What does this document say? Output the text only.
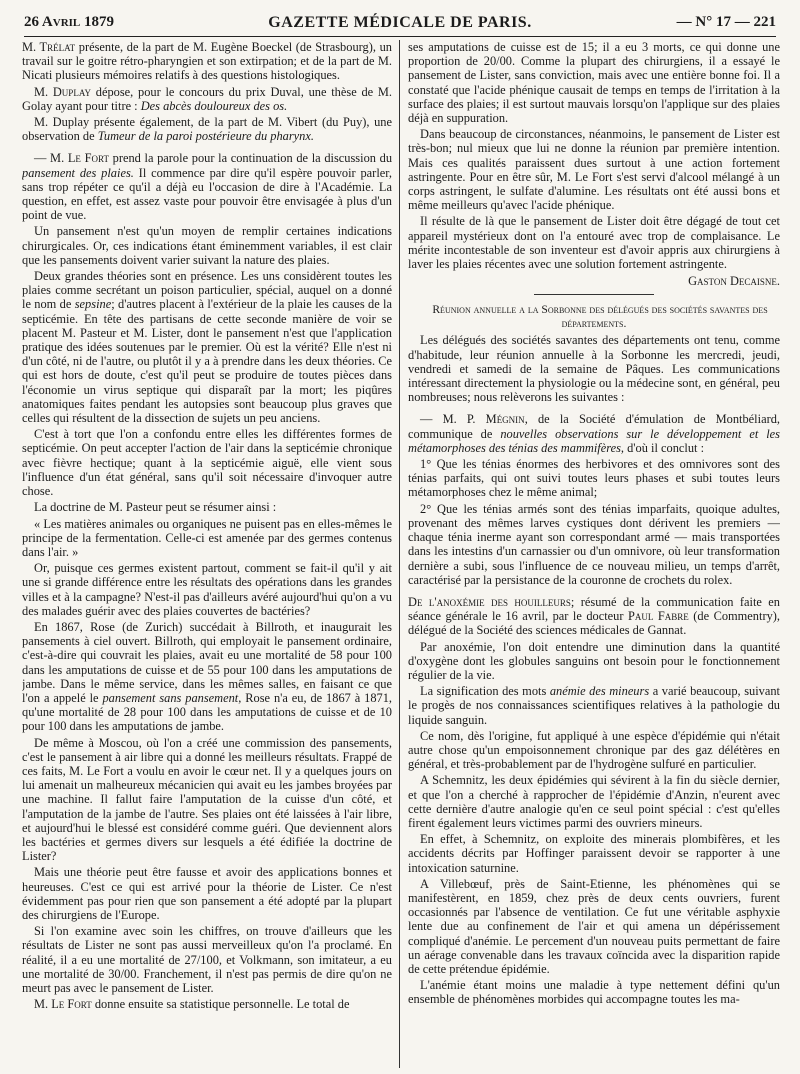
26 Avril 1879	GAZETTE MÉDICALE DE PARIS.	— N° 17 — 221

M. Trélat présente, de la part de M. Eugène Boeckel (de Strasbourg), un travail sur le goitre rétro-pharyngien et son extirpation; et de la part de M. Nicati plusieurs mémoires relatifs à des questions histologiques.

M. Duplay dépose, pour le concours du prix Duval, une thèse de M. Golay ayant pour titre : Des abcès douloureux des os.

M. Duplay présente également, de la part de M. Vibert (du Puy), une observation de Tumeur de la paroi postérieure du pharynx.

— M. Le Fort prend la parole pour la continuation de la discussion du pansement des plaies. Il commence par dire qu'il espère pouvoir parler, sans trop répéter ce qu'il a déjà eu l'occasion de dire à l'Académie. La question, en effet, est assez vaste pour pouvoir être envisagée à plus d'un point de vue.

Un pansement n'est qu'un moyen de remplir certaines indications chirurgicales. Or, ces indications étant éminemment variables, il est clair que les pansements doivent varier suivant la nature des plaies.

Deux grandes théories sont en présence. Les uns considèrent toutes les plaies comme secrétant un poison particulier, spécial, auquel on a donné le nom de sepsine; d'autres placent à l'extérieur de la plaie les causes de la septicémie. En tête des partisans de cette seconde manière de voir se placent M. Pasteur et M. Lister, dont le pansement n'est que l'application pratique des idées soutenues par le premier. Où est la vérité? Elle n'est ni d'un côté, ni de l'autre, ou plutôt il y a à prendre dans les deux théories. Ce qui est hors de doute, c'est qu'il peut se produire de toutes pièces dans l'économie un virus septique qui disparaît par la mort; les piqûres anatomiques faites pendant les autopsies sont beaucoup plus graves que celles qui résultent de la dissection de sujets un peu anciens.

C'est à tort que l'on a confondu entre elles les différentes formes de septicémie. On peut accepter l'action de l'air dans la septicémie chronique avec fièvre hectique; quant à la septicémie aiguë, elle vient sous l'influence d'un état général, sans qu'il soit nécessaire d'invoquer autre chose.

La doctrine de M. Pasteur peut se résumer ainsi :

« Les matières animales ou organiques ne puisent pas en elles-mêmes le principe de la fermentation. Celle-ci est amenée par des germes contenus dans l'air. »

Or, puisque ces germes existent partout, comment se fait-il qu'il y ait une si grande différence entre les résultats des opérations dans les grandes villes et à la campagne? N'est-il pas d'ailleurs avéré aujourd'hui qu'on a vu des malades guérir avec des plaies couvertes de bactéries?

En 1867, Rose (de Zurich) succédait à Billroth, et inaugurait les pansements à ciel ouvert. Billroth, qui employait le pansement ordinaire, c'est-à-dire qui couvrait les plaies, avait eu une mortalité de 58 pour 100 dans les amputations de cuisse et de 55 pour 100 dans les amputations de jambe. Dans le même service, dans les mêmes salles, en faisant ce que l'on a appelé le pansement sans pansement, Rose n'a eu, de 1867 à 1871, qu'une mortalité de 28 pour 100 dans les amputations de cuisse et de 10 pour 100 dans les amputations de jambe.

De même à Moscou, où l'on a créé une commission des pansements, c'est le pansement à air libre qui a donné les meilleurs résultats. Frappé de ces faits, M. Le Fort a voulu en avoir le cœur net. Il y a quelques jours on lui amenait un malheureux mécanicien qui avait eu les jambes broyées par une machine. Il fallut faire l'amputation de la cuisse d'un côté, et l'amputation de la jambe de l'autre. Ses plaies ont été laissées à l'air libre, et aujourd'hui le blessé est considéré comme guéri. Que deviennent alors les bactéries et germes divers sur lesquels a été édifiée la doctrine de Lister?

Mais une théorie peut être fausse et avoir des applications bonnes et heureuses. C'est ce qui est arrivé pour la théorie de Lister. Ce n'est évidemment pas pour rien que son pansement a été adopté par la plupart des chirurgiens de l'Europe.

Si l'on examine avec soin les chiffres, on trouve d'ailleurs que les résultats de Lister ne sont pas aussi merveilleux qu'on l'a proclamé. En réalité, il a eu une mortalité de 27/100, et Volkmann, son imitateur, a eu une mortalité de 30/00. Franchement, il n'est pas permis de dire qu'on ne meurt pas avec le pansement de Lister.

M. Le Fort donne ensuite sa statistique personnelle. Le total de

ses amputations de cuisse est de 15; il a eu 3 morts, ce qui donne une proportion de 20/00. Comme la plupart des chirurgiens, il a essayé le pansement de Lister, sans conviction, mais avec une entière bonne foi. Il a constaté que l'acide phénique causait de temps en temps de l'irritation à la surface des plaies; il est surtout mauvais lorsqu'on l'applique sur des plaies déjà en suppuration.

Dans beaucoup de circonstances, néanmoins, le pansement de Lister est très-bon; nul mieux que lui ne donne la réunion par première intention. Mais ces qualités paraissent dues surtout à une action fortement astringente. Pour en être sûr, M. Le Fort s'est servi d'alcool mélangé à un corps astringent, le sulfate d'alumine. Les résultats ont été aussi bons et même meilleurs qu'avec l'acide phénique.

Il résulte de là que le pansement de Lister doit être dégagé de tout cet appareil mystérieux dont on l'a entouré avec trop de complaisance. Le mérite incontestable de son inventeur est d'avoir appris aux chirurgiens à laver les plaies récentes avec une solution fortement astringente.

Gaston Decaisne.

Réunion annuelle a la Sorbonne des délégués des sociétés savantes des départements.

Les délégués des sociétés savantes des départements ont tenu, comme d'habitude, leur réunion annuelle à la Sorbonne les mercredi, jeudi, vendredi et samedi de la semaine de Pâques. Les communications intéressant directement la physiologie ou la médecine sont, en général, peu nombreuses; nous relèverons les suivantes :

— M. P. Mégnin, de la Société d'émulation de Montbéliard, communique de nouvelles observations sur le développement et les métamorphoses des ténias des mammifères, d'où il conclut :

1° Que les ténias énormes des herbivores et des omnivores sont des ténias parfaits, qui ont suivi toutes leurs phases et subi toutes leurs métamorphoses chez le même animal;

2° Que les ténias armés sont des ténias imparfaits, quoique adultes, provenant des mêmes larves cystiques dont dérivent les premiers — chaque ténia inerme ayant son correspondant armé — mais transportées dans les intestins d'un carnassier ou d'un omnivore, où leur transformation dernière a subi, sous l'influence de ce nouveau milieu, un temps d'arrêt, caractérisé par la persistance de la couronne de crochets du rolex.

De l'anoxémie des houilleurs; résumé de la communication faite en séance générale le 16 avril, par le docteur Paul Fabre (de Commentry), délégué de la Société des sciences médicales de Gannat.

Par anoxémie, l'on doit entendre une diminution dans la quantité d'oxygène dont les globules sanguins ont besoin pour le fonctionnement régulier de la vie.

La signification des mots anémie des mineurs a varié beaucoup, suivant le progès de nos connaissances scientifiques relatives à la pathologie du liquide sanguin.

Ce nom, dès l'origine, fut appliqué à une espèce d'épidémie qui n'était autre chose qu'un empoisonnement chronique par des gaz délétères en général, et très-probablement par de l'hydrogène sulfuré en particulier.

A Schemnitz, les deux épidémies qui sévirent à la fin du siècle dernier, et que l'on a cherché à rapprocher de l'épidémie d'Anzin, n'eurent avec cette dernière d'autre analogie qu'en ce seul point spécial : c'est qu'elles firent également leurs victimes parmi des ouvriers mineurs.

En effet, à Schemnitz, on exploite des minerais plombifères, et les accidents décrits par Hoffinger paraissent devoir se rapporter à une intoxication saturnine.

A Villebœuf, près de Saint-Etienne, les phénomènes qui se manifestèrent, en 1859, chez près de deux cents ouvriers, furent occasionnés par l'absence de ventilation. Ce fut une véritable asphyxie lente due au confinement de l'air et qui amena un dépérissement compliqué d'anémie. Le percement d'un nouveau puits permettant de faire un aérage convenable dans les travaux coïncida avec la disparition rapide de cette prétendue épidémie.

L'anémie étant moins une maladie à type nettement défini qu'un ensemble de phénomènes morbides qui accompagne toutes les ma-
